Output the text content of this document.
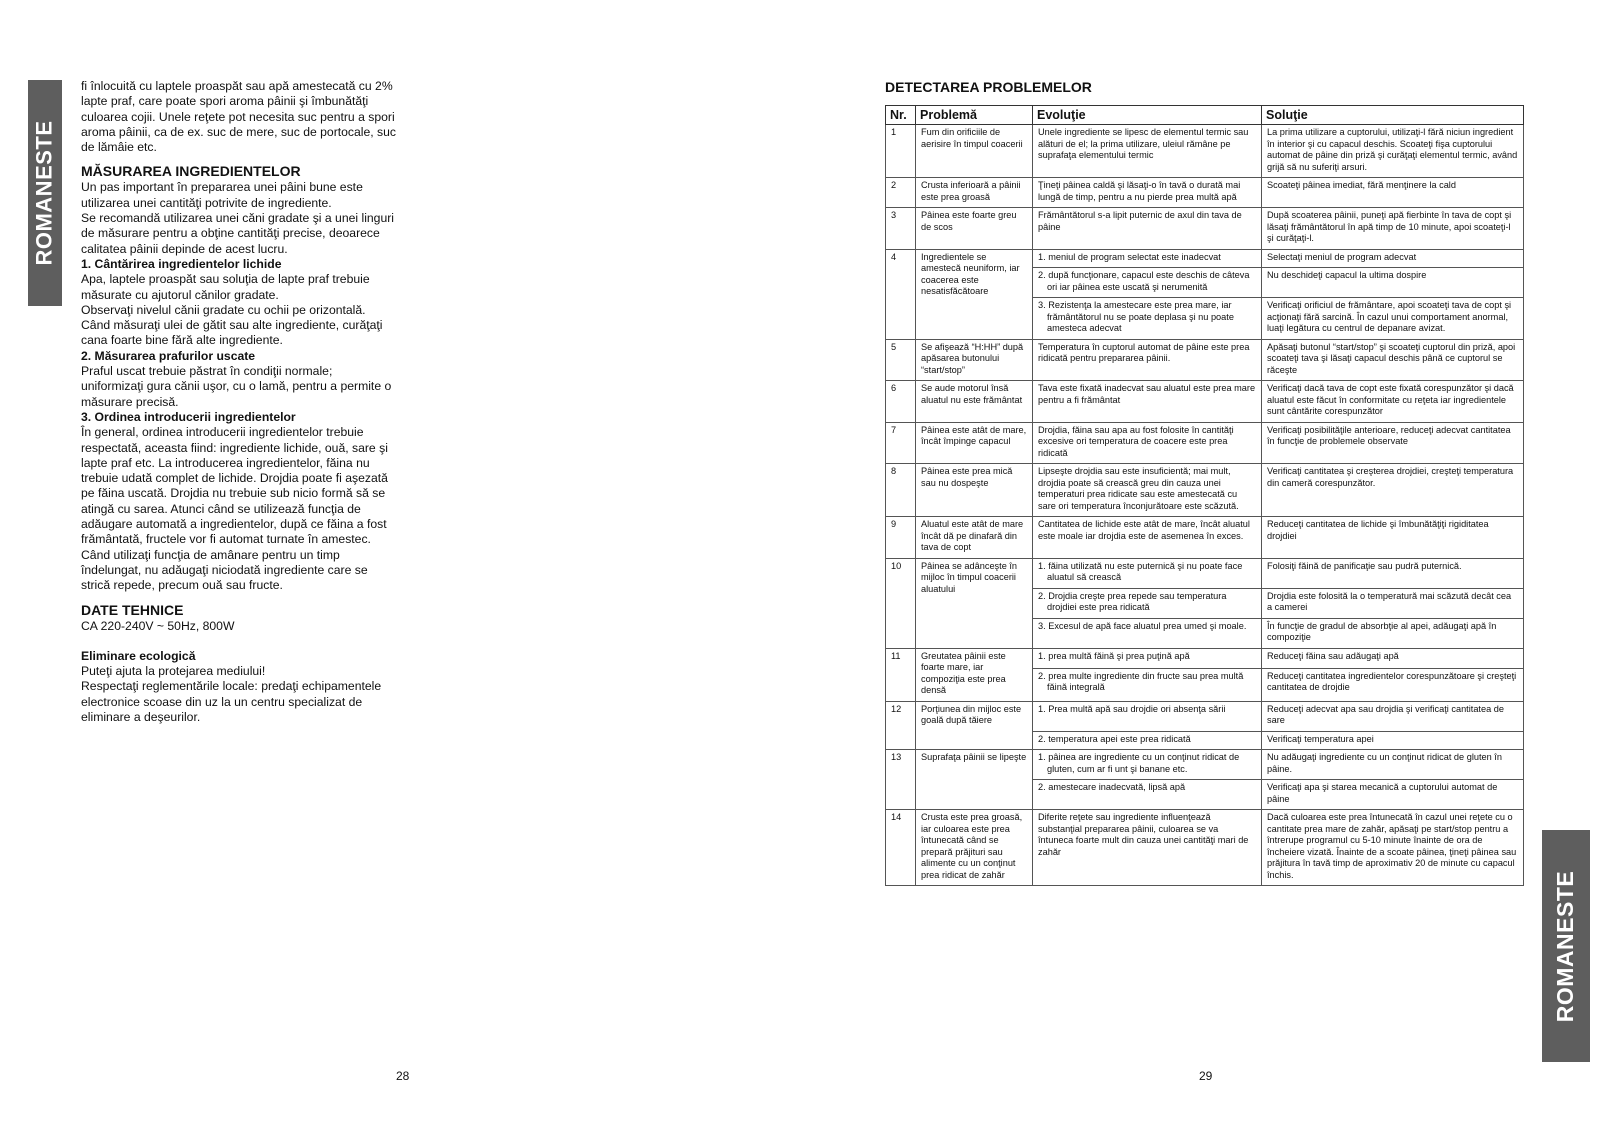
ROMANESTE
ROMANESTE

fi înlocuită cu laptele proaspăt sau apă amestecată cu 2% lapte praf, care poate spori aroma pâinii şi îmbunătăţi culoarea cojii. Unele reţete pot necesita suc pentru a spori aroma pâinii, ca de ex. suc de mere, suc de portocale, suc de lămâie etc.

MĂSURAREA INGREDIENTELOR

Un pas important în prepararea unei pâini bune este utilizarea unei cantităţi potrivite de ingrediente.

Se recomandă utilizarea unei căni gradate şi a unei linguri de măsurare pentru a obţine cantităţi precise, deoarece calitatea pâinii depinde de acest lucru.

1. Cântărirea ingredientelor lichide

Apa, laptele proaspăt sau soluţia de lapte praf trebuie măsurate cu ajutorul cănilor gradate.

Observaţi nivelul cănii gradate cu ochii pe orizontală. Când măsuraţi ulei de gătit sau alte ingrediente, curăţaţi cana foarte bine fără alte ingrediente.

2. Măsurarea prafurilor uscate

Praful uscat trebuie păstrat în condiţii normale; uniformizaţi gura cănii uşor, cu o lamă, pentru a permite o măsurare precisă.

3. Ordinea introducerii ingredientelor

În general, ordinea introducerii ingredientelor trebuie respectată, aceasta fiind: ingrediente lichide, ouă, sare şi lapte praf etc. La introducerea ingredientelor, făina nu trebuie udată complet de lichide. Drojdia poate fi aşezată pe făina uscată. Drojdia nu trebuie sub nicio formă să se atingă cu sarea. Atunci când se utilizează funcţia de adăugare automată a ingredientelor, după ce făina a fost frământată, fructele vor fi automat turnate în amestec. Când utilizaţi funcţia de amânare pentru un timp îndelungat, nu adăugaţi niciodată ingrediente care se strică repede, precum ouă sau fructe.

DATE TEHNICE

CA 220-240V ~ 50Hz, 800W

Eliminare ecologică

Puteţi ajuta la protejarea mediului!

Respectaţi reglementările locale: predaţi echipamentele electronice scoase din uz la un centru specializat de eliminare a deşeurilor.

28
DETECTAREA PROBLEMELOR
Nr.	Problemă	Evoluţie	Soluţie
1	Fum din orificiile de aerisire în timpul coacerii	Unele ingrediente se lipesc de elementul termic sau alături de el; la prima utilizare, uleiul rămâne pe suprafaţa elementului termic	La prima utilizare a cuptorului, utilizaţi-l fără niciun ingredient în interior şi cu capacul deschis. Scoateţi fişa cuptorului automat de pâine din priză şi curăţaţi elementul termic, având grijă să nu suferiţi arsuri.
2	Crusta inferioară a pâinii este prea groasă	Ţineţi pâinea caldă şi lăsaţi-o în tavă o durată mai lungă de timp, pentru a nu pierde prea multă apă	Scoateţi pâinea imediat, fără menţinere la cald
3	Pâinea este foarte greu de scos	Frământătorul s-a lipit puternic de axul din tava de pâine	După scoaterea pâinii, puneţi apă fierbinte în tava de copt şi lăsaţi frământătorul în apă timp de 10 minute, apoi scoateţi-l şi curăţaţi-l.
4	Ingredientele se amestecă neuniform, iar coacerea este nesatisfăcătoare	1. meniul de program selectat este inadecvat	Selectaţi meniul de program adecvat

		2. după funcţionare, capacul este deschis de câteva ori iar pâinea este uscată şi nerumenită	Nu deschideţi capacul la ultima dospire

		3. Rezistenţa la amestecare este prea mare, iar frământătorul nu se poate deplasa şi nu poate amesteca adecvat	Verificaţi orificiul de frământare, apoi scoateţi tava de copt şi acţionaţi fără sarcină. În cazul unui comportament anormal, luaţi legătura cu centrul de depanare avizat.
5	Se afişează “H:HH” după apăsarea butonului “start/stop”	Temperatura în cuptorul automat de pâine este prea ridicată pentru prepararea pâinii.	Apăsaţi butonul “start/stop” şi scoateţi cuptorul din priză, apoi scoateţi tava şi lăsaţi capacul deschis până ce cuptorul se răceşte
6	Se aude motorul însă aluatul nu este frământat	Tava este fixată inadecvat sau aluatul este prea mare pentru a fi frământat	Verificaţi dacă tava de copt este fixată corespunzător şi dacă aluatul este făcut în conformitate cu reţeta iar ingredientele sunt cântărite corespunzător
7	Pâinea este atât de mare, încât împinge capacul	Drojdia, făina sau apa au fost folosite în cantităţi excesive ori temperatura de coacere este prea ridicată	Verificaţi posibilităţile anterioare, reduceţi adecvat cantitatea în funcţie de problemele observate
8	Pâinea este prea mică sau nu dospeşte	Lipseşte drojdia sau este insuficientă; mai mult, drojdia poate să crească greu din cauza unei temperaturi prea ridicate sau este amestecată cu sare ori temperatura înconjurătoare este scăzută.	Verificaţi cantitatea şi creşterea drojdiei, creşteţi temperatura din cameră corespunzător.
9	Aluatul este atât de mare încât dă pe dinafară din tava de copt	Cantitatea de lichide este atât de mare, încât aluatul este moale iar drojdia este de asemenea în exces.	Reduceţi cantitatea de lichide şi îmbunătăţiţi rigiditatea drojdiei
10	Pâinea se adânceşte în mijloc în timpul coacerii aluatului	1. făina utilizată nu este puternică şi nu poate face aluatul să crească	Folosiţi făină de panificaţie sau pudră puternică.

		2. Drojdia creşte prea repede sau temperatura drojdiei este prea ridicată	Drojdia este folosită la o temperatură mai scăzută decât cea a camerei

		3. Excesul de apă face aluatul prea umed şi moale.	În funcţie de gradul de absorbţie al apei, adăugaţi apă în compoziţie
11	Greutatea pâinii este foarte mare, iar compoziţia este prea densă	1. prea multă făină şi prea puţină apă	Reduceţi făina sau adăugaţi apă

		2. prea multe ingrediente din fructe sau prea multă făină integrală	Reduceţi cantitatea ingredientelor corespunzătoare şi creşteţi cantitatea de drojdie
12	Porţiunea din mijloc este goală după tăiere	1. Prea multă apă sau drojdie ori absenţa sării	Reduceţi adecvat apa sau drojdia şi verificaţi cantitatea de sare

		2. temperatura apei este prea ridicată	Verificaţi temperatura apei
13	Suprafaţa pâinii se lipeşte	1. pâinea are ingrediente cu un conţinut ridicat de gluten, cum ar fi unt şi banane etc.	Nu adăugaţi ingrediente cu un conţinut ridicat de gluten în pâine.

		2. amestecare inadecvată, lipsă apă	Verificaţi apa şi starea mecanică a cuptorului automat de pâine
14	Crusta este prea groasă, iar culoarea este prea întunecată când se prepară prăjituri sau alimente cu un conţinut prea ridicat de zahăr	Diferite reţete sau ingrediente influenţează substanţial prepararea pâinii, culoarea se va întuneca foarte mult din cauza unei cantităţi mari de zahăr	Dacă culoarea este prea întunecată în cazul unei reţete cu o cantitate prea mare de zahăr, apăsaţi pe start/stop pentru a întrerupe programul cu 5-10 minute înainte de ora de încheiere vizată. Înainte de a scoate pâinea, ţineţi pâinea sau prăjitura în tavă timp de aproximativ 20 de minute cu capacul închis.
29
